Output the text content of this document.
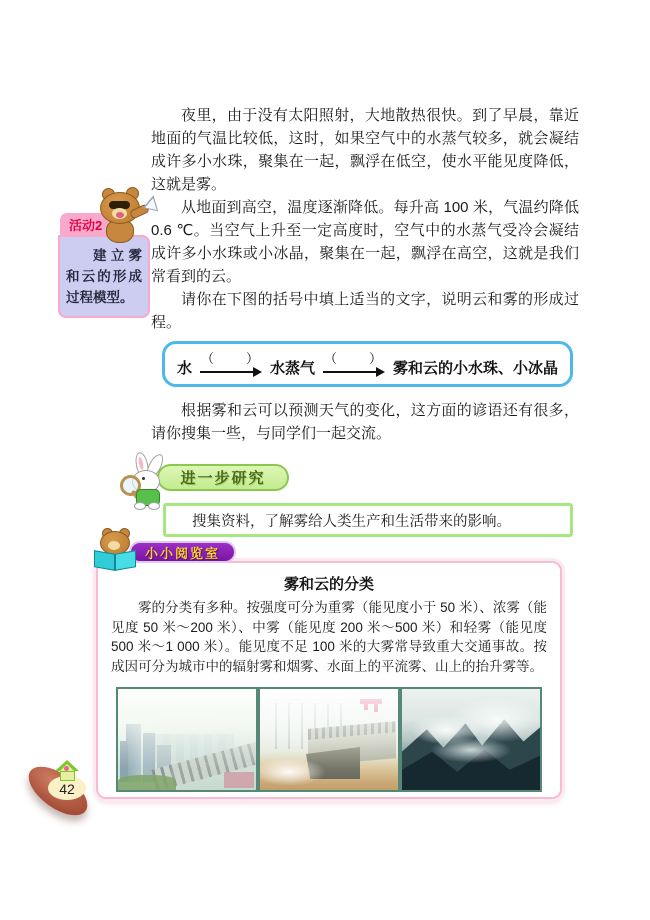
夜里，由于没有太阳照射，大地散热很快。到了早晨，靠近地面的气温比较低，这时，如果空气中的水蒸气较多，就会凝结成许多小水珠，聚集在一起，飘浮在低空，使水平能见度降低，这就是雾。

从地面到高空，温度逐渐降低。每升高 100 米，气温约降低 0.6 ℃。当空气上升至一定高度时，空气中的水蒸气受冷会凝结成许多小水珠或小冰晶，聚集在一起，飘浮在高空，这就是我们常看到的云。

请你在下图的括号中填上适当的文字，说明云和雾的形成过程。

活动2
建立雾和云的形成过程模型。
水
（　　）
水蒸气
（　　）
雾和云的小水珠、小冰晶

根据雾和云可以预测天气的变化，这方面的谚语还有很多，请你搜集一些，与同学们一起交流。

进一步研究
搜集资料，了解雾给人类生产和生活带来的影响。
小小阅览室
雾和云的分类

雾的分类有多种。按强度可分为重雾（能见度小于 50 米）、浓雾（能见度 50 米～200 米）、中雾（能见度 200 米～500 米）和轻雾（能见度 500 米～1 000 米）。能见度不足 100 米的大雾常导致重大交通事故。按成因可分为城市中的辐射雾和烟雾、水面上的平流雾、山上的抬升雾等。

42
